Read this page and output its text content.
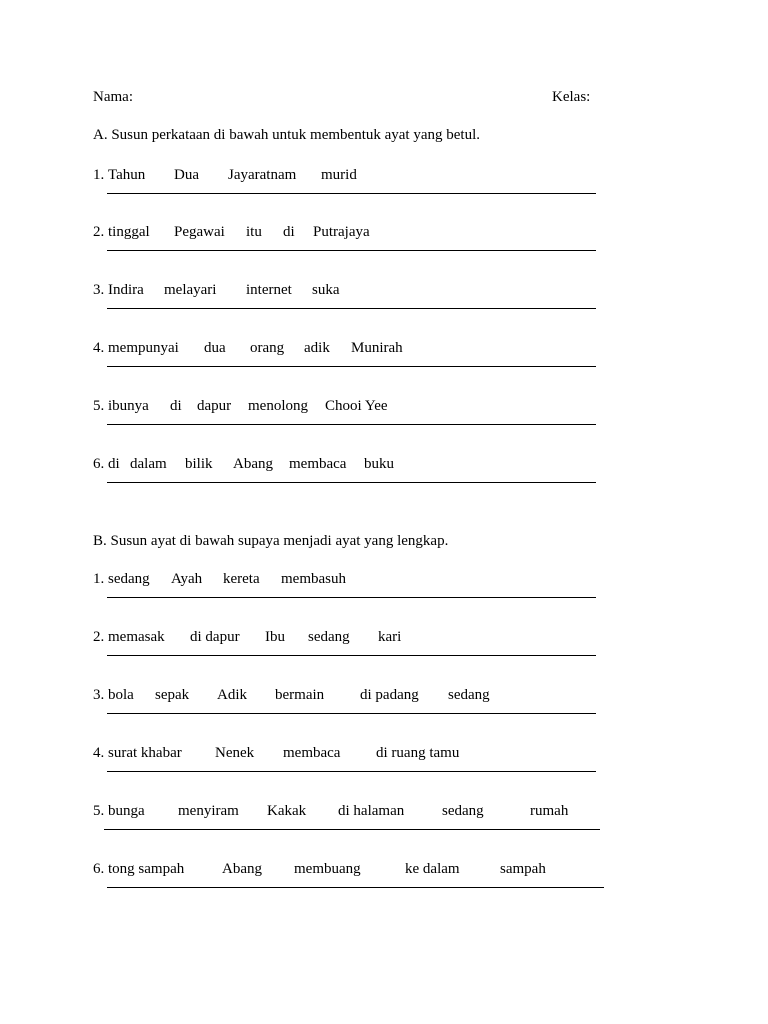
Nama:	Kelas:
A. Susun perkataan di bawah untuk membentuk ayat yang betul.
1. Tahun Dua Jayaratnam murid
2. tinggal Pegawai itu di Putrajaya
3. Indira melayari internet suka
4. mempunyai dua orang adik Munirah
5. ibunya di dapur menolong Chooi Yee
6. di dalam bilik Abang membaca buku
B. Susun ayat di bawah supaya menjadi ayat yang lengkap.
1. sedang Ayah kereta membasuh
2. memasak di dapur Ibu sedang kari
3. bola sepak Adik bermain di padang sedang
4. surat khabar Nenek membaca di ruang tamu
5. bunga menyiram Kakak di halaman	sedang	rumah
6. tong sampah	Abang membuang	ke dalam	sampah
